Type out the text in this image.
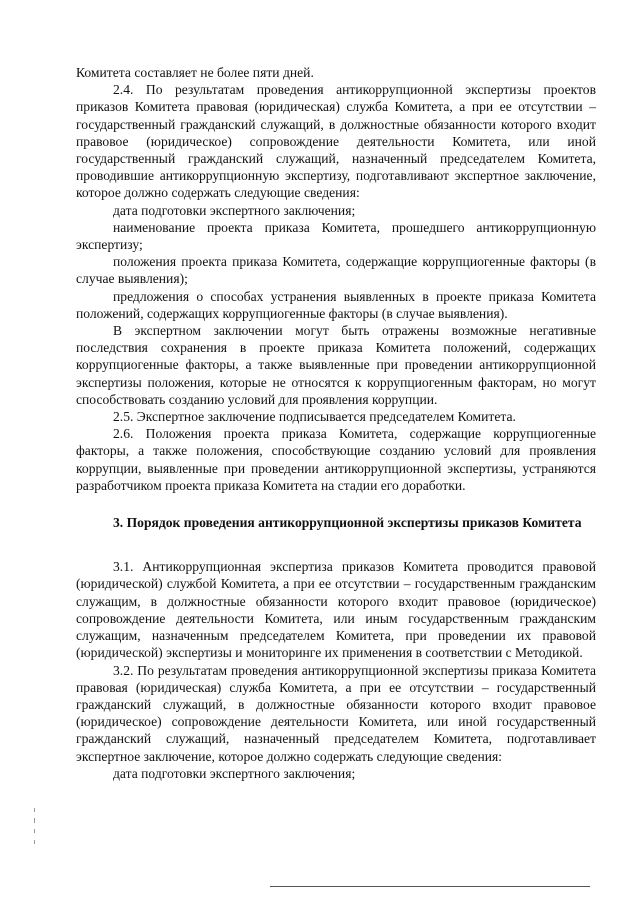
Комитета составляет не более пяти дней.

2.4. По результатам проведения антикоррупционной экспертизы проектов приказов Комитета правовая (юридическая) служба Комитета, а при ее отсутствии – государственный гражданский служащий, в должностные обязанности которого входит правовое (юридическое) сопровождение деятельности Комитета, или иной государственный гражданский служащий, назначенный председателем Комитета, проводившие антикоррупционную экспертизу, подготавливают экспертное заключение, которое должно содержать следующие сведения:

дата подготовки экспертного заключения;

наименование проекта приказа Комитета, прошедшего антикоррупционную экспертизу;

положения проекта приказа Комитета, содержащие коррупциогенные факторы (в случае выявления);

предложения о способах устранения выявленных в проекте приказа Комитета положений, содержащих коррупциогенные факторы (в случае выявления).

В экспертном заключении могут быть отражены возможные негативные последствия сохранения в проекте приказа Комитета положений, содержащих коррупциогенные факторы, а также выявленные при проведении антикоррупционной экспертизы положения, которые не относятся к коррупциогенным факторам, но могут способствовать созданию условий для проявления коррупции.

2.5. Экспертное заключение подписывается председателем Комитета.

2.6. Положения проекта приказа Комитета, содержащие коррупциогенные факторы, а также положения, способствующие созданию условий для проявления коррупции, выявленные при проведении антикоррупционной экспертизы, устраняются разработчиком проекта приказа Комитета на стадии его доработки.

3. Порядок проведения антикоррупционной экспертизы приказов Комитета

3.1. Антикоррупционная экспертиза приказов Комитета проводится правовой (юридической) службой Комитета, а при ее отсутствии – государственным гражданским служащим, в должностные обязанности которого входит правовое (юридическое) сопровождение деятельности Комитета, или иным государственным гражданским служащим, назначенным председателем Комитета, при проведении их правовой (юридической) экспертизы и мониторинге их применения в соответствии с Методикой.

3.2. По результатам проведения антикоррупционной экспертизы приказа Комитета правовая (юридическая) служба Комитета, а при ее отсутствии – государственный гражданский служащий, в должностные обязанности которого входит правовое (юридическое) сопровождение деятельности Комитета, или иной государственный гражданский служащий, назначенный председателем Комитета, подготавливает экспертное заключение, которое должно содержать следующие сведения:

дата подготовки экспертного заключения;
